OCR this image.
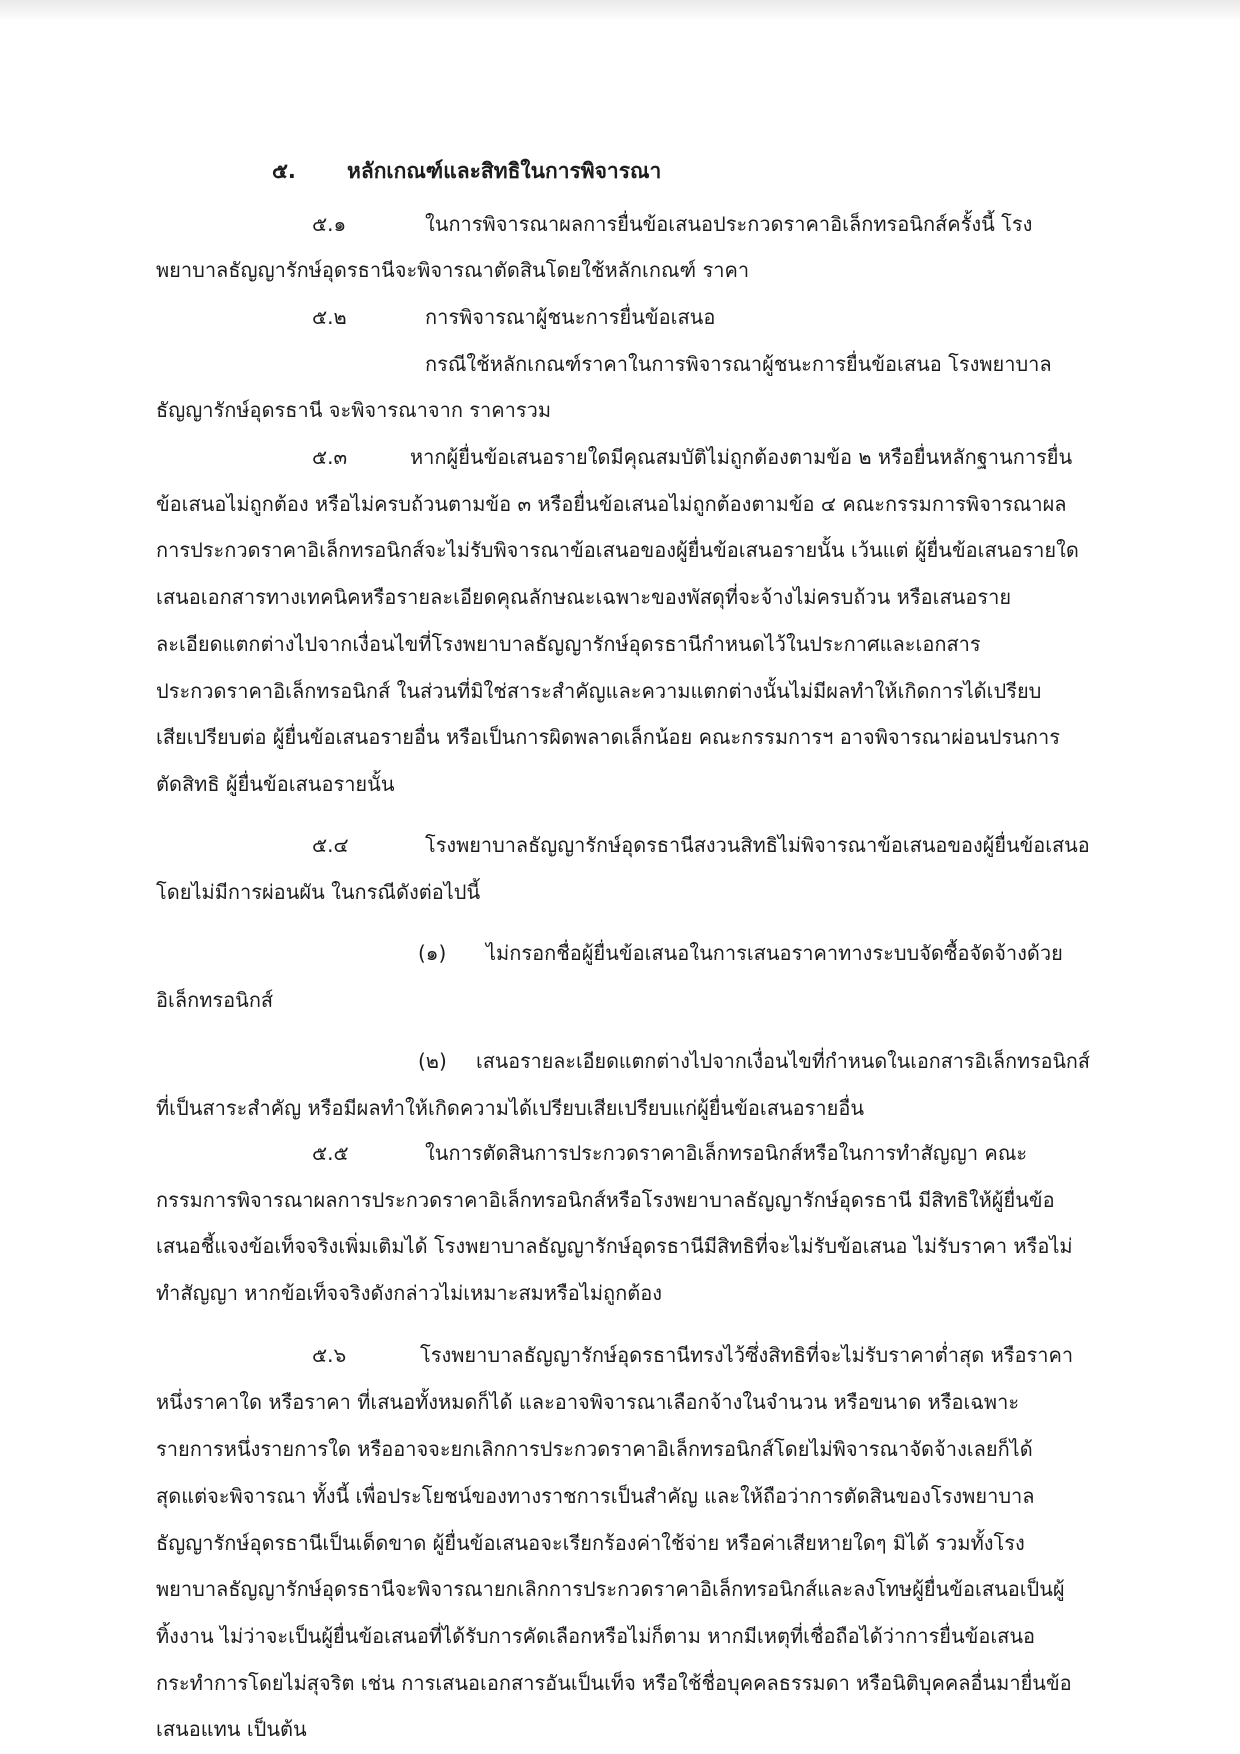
๕. หลักเกณฑ์และสิทธิในการพิจารณา
๕.๑	ในการพิจารณาผลการยื่นข้อเสนอประกวดราคาอิเล็กทรอนิกส์ครั้งนี้ โรง
พยาบาลธัญญารักษ์อุดรธานีจะพิจารณาตัดสินโดยใช้หลักเกณฑ์ ราคา
๕.๒	การพิจารณาผู้ชนะการยื่นข้อเสนอ
กรณีใช้หลักเกณฑ์ราคาในการพิจารณาผู้ชนะการยื่นข้อเสนอ โรงพยาบาล
ธัญญารักษ์อุดรธานี จะพิจารณาจาก ราคารวม
๕.๓	หากผู้ยื่นข้อเสนอรายใดมีคุณสมบัติไม่ถูกต้องตามข้อ ๒ หรือยื่นหลักฐานการยื่น
ข้อเสนอไม่ถูกต้อง หรือไม่ครบถ้วนตามข้อ ๓ หรือยื่นข้อเสนอไม่ถูกต้องตามข้อ ๔ คณะกรรมการพิจารณาผล
การประกวดราคาอิเล็กทรอนิกส์จะไม่รับพิจารณาข้อเสนอของผู้ยื่นข้อเสนอรายนั้น เว้นแต่ ผู้ยื่นข้อเสนอรายใด
เสนอเอกสารทางเทคนิคหรือรายละเอียดคุณลักษณะเฉพาะของพัสดุที่จะจ้างไม่ครบถ้วน หรือเสนอราย
ละเอียดแตกต่างไปจากเงื่อนไขที่โรงพยาบาลธัญญารักษ์อุดรธานีกำหนดไว้ในประกาศและเอกสาร
ประกวดราคาอิเล็กทรอนิกส์ ในส่วนที่มิใช่สาระสำคัญและความแตกต่างนั้นไม่มีผลทำให้เกิดการได้เปรียบ
เสียเปรียบต่อ ผู้ยื่นข้อเสนอรายอื่น หรือเป็นการผิดพลาดเล็กน้อย คณะกรรมการฯ อาจพิจารณาผ่อนปรนการ
ตัดสิทธิ ผู้ยื่นข้อเสนอรายนั้น
๕.๔	โรงพยาบาลธัญญารักษ์อุดรธานีสงวนสิทธิไม่พิจารณาข้อเสนอของผู้ยื่นข้อเสนอ
โดยไม่มีการผ่อนผัน ในกรณีดังต่อไปนี้
(๑) ไม่กรอกชื่อผู้ยื่นข้อเสนอในการเสนอราคาทางระบบจัดซื้อจัดจ้างด้วย
อิเล็กทรอนิกส์
(๒) เสนอรายละเอียดแตกต่างไปจากเงื่อนไขที่กำหนดในเอกสารอิเล็กทรอนิกส์
ที่เป็นสาระสำคัญ หรือมีผลทำให้เกิดความได้เปรียบเสียเปรียบแก่ผู้ยื่นข้อเสนอรายอื่น
๕.๕	ในการตัดสินการประกวดราคาอิเล็กทรอนิกส์หรือในการทำสัญญา คณะ
กรรมการพิจารณาผลการประกวดราคาอิเล็กทรอนิกส์หรือโรงพยาบาลธัญญารักษ์อุดรธานี มีสิทธิให้ผู้ยื่นข้อ
เสนอชี้แจงข้อเท็จจริงเพิ่มเติมได้ โรงพยาบาลธัญญารักษ์อุดรธานีมีสิทธิที่จะไม่รับข้อเสนอ ไม่รับราคา หรือไม่
ทำสัญญา หากข้อเท็จจริงดังกล่าวไม่เหมาะสมหรือไม่ถูกต้อง
๕.๖	โรงพยาบาลธัญญารักษ์อุดรธานีทรงไว้ซึ่งสิทธิที่จะไม่รับราคาต่ำสุด หรือราคา
หนึ่งราคาใด หรือราคา ที่เสนอทั้งหมดก็ได้ และอาจพิจารณาเลือกจ้างในจำนวน หรือขนาด หรือเฉพาะ
รายการหนึ่งรายการใด หรืออาจจะยกเลิกการประกวดราคาอิเล็กทรอนิกส์โดยไม่พิจารณาจัดจ้างเลยก็ได้
สุดแต่จะพิจารณา ทั้งนี้ เพื่อประโยชน์ของทางราชการเป็นสำคัญ และให้ถือว่าการตัดสินของโรงพยาบาล
ธัญญารักษ์อุดรธานีเป็นเด็ดขาด ผู้ยื่นข้อเสนอจะเรียกร้องค่าใช้จ่าย หรือค่าเสียหายใดๆ มิได้ รวมทั้งโรง
พยาบาลธัญญารักษ์อุดรธานีจะพิจารณายกเลิกการประกวดราคาอิเล็กทรอนิกส์และลงโทษผู้ยื่นข้อเสนอเป็นผู้
ทิ้งงาน ไม่ว่าจะเป็นผู้ยื่นข้อเสนอที่ได้รับการคัดเลือกหรือไม่ก็ตาม หากมีเหตุที่เชื่อถือได้ว่าการยื่นข้อเสนอ
กระทำการโดยไม่สุจริต เช่น การเสนอเอกสารอันเป็นเท็จ หรือใช้ชื่อบุคคลธรรมดา หรือนิติบุคคลอื่นมายื่นข้อ
เสนอแทน เป็นต้น
